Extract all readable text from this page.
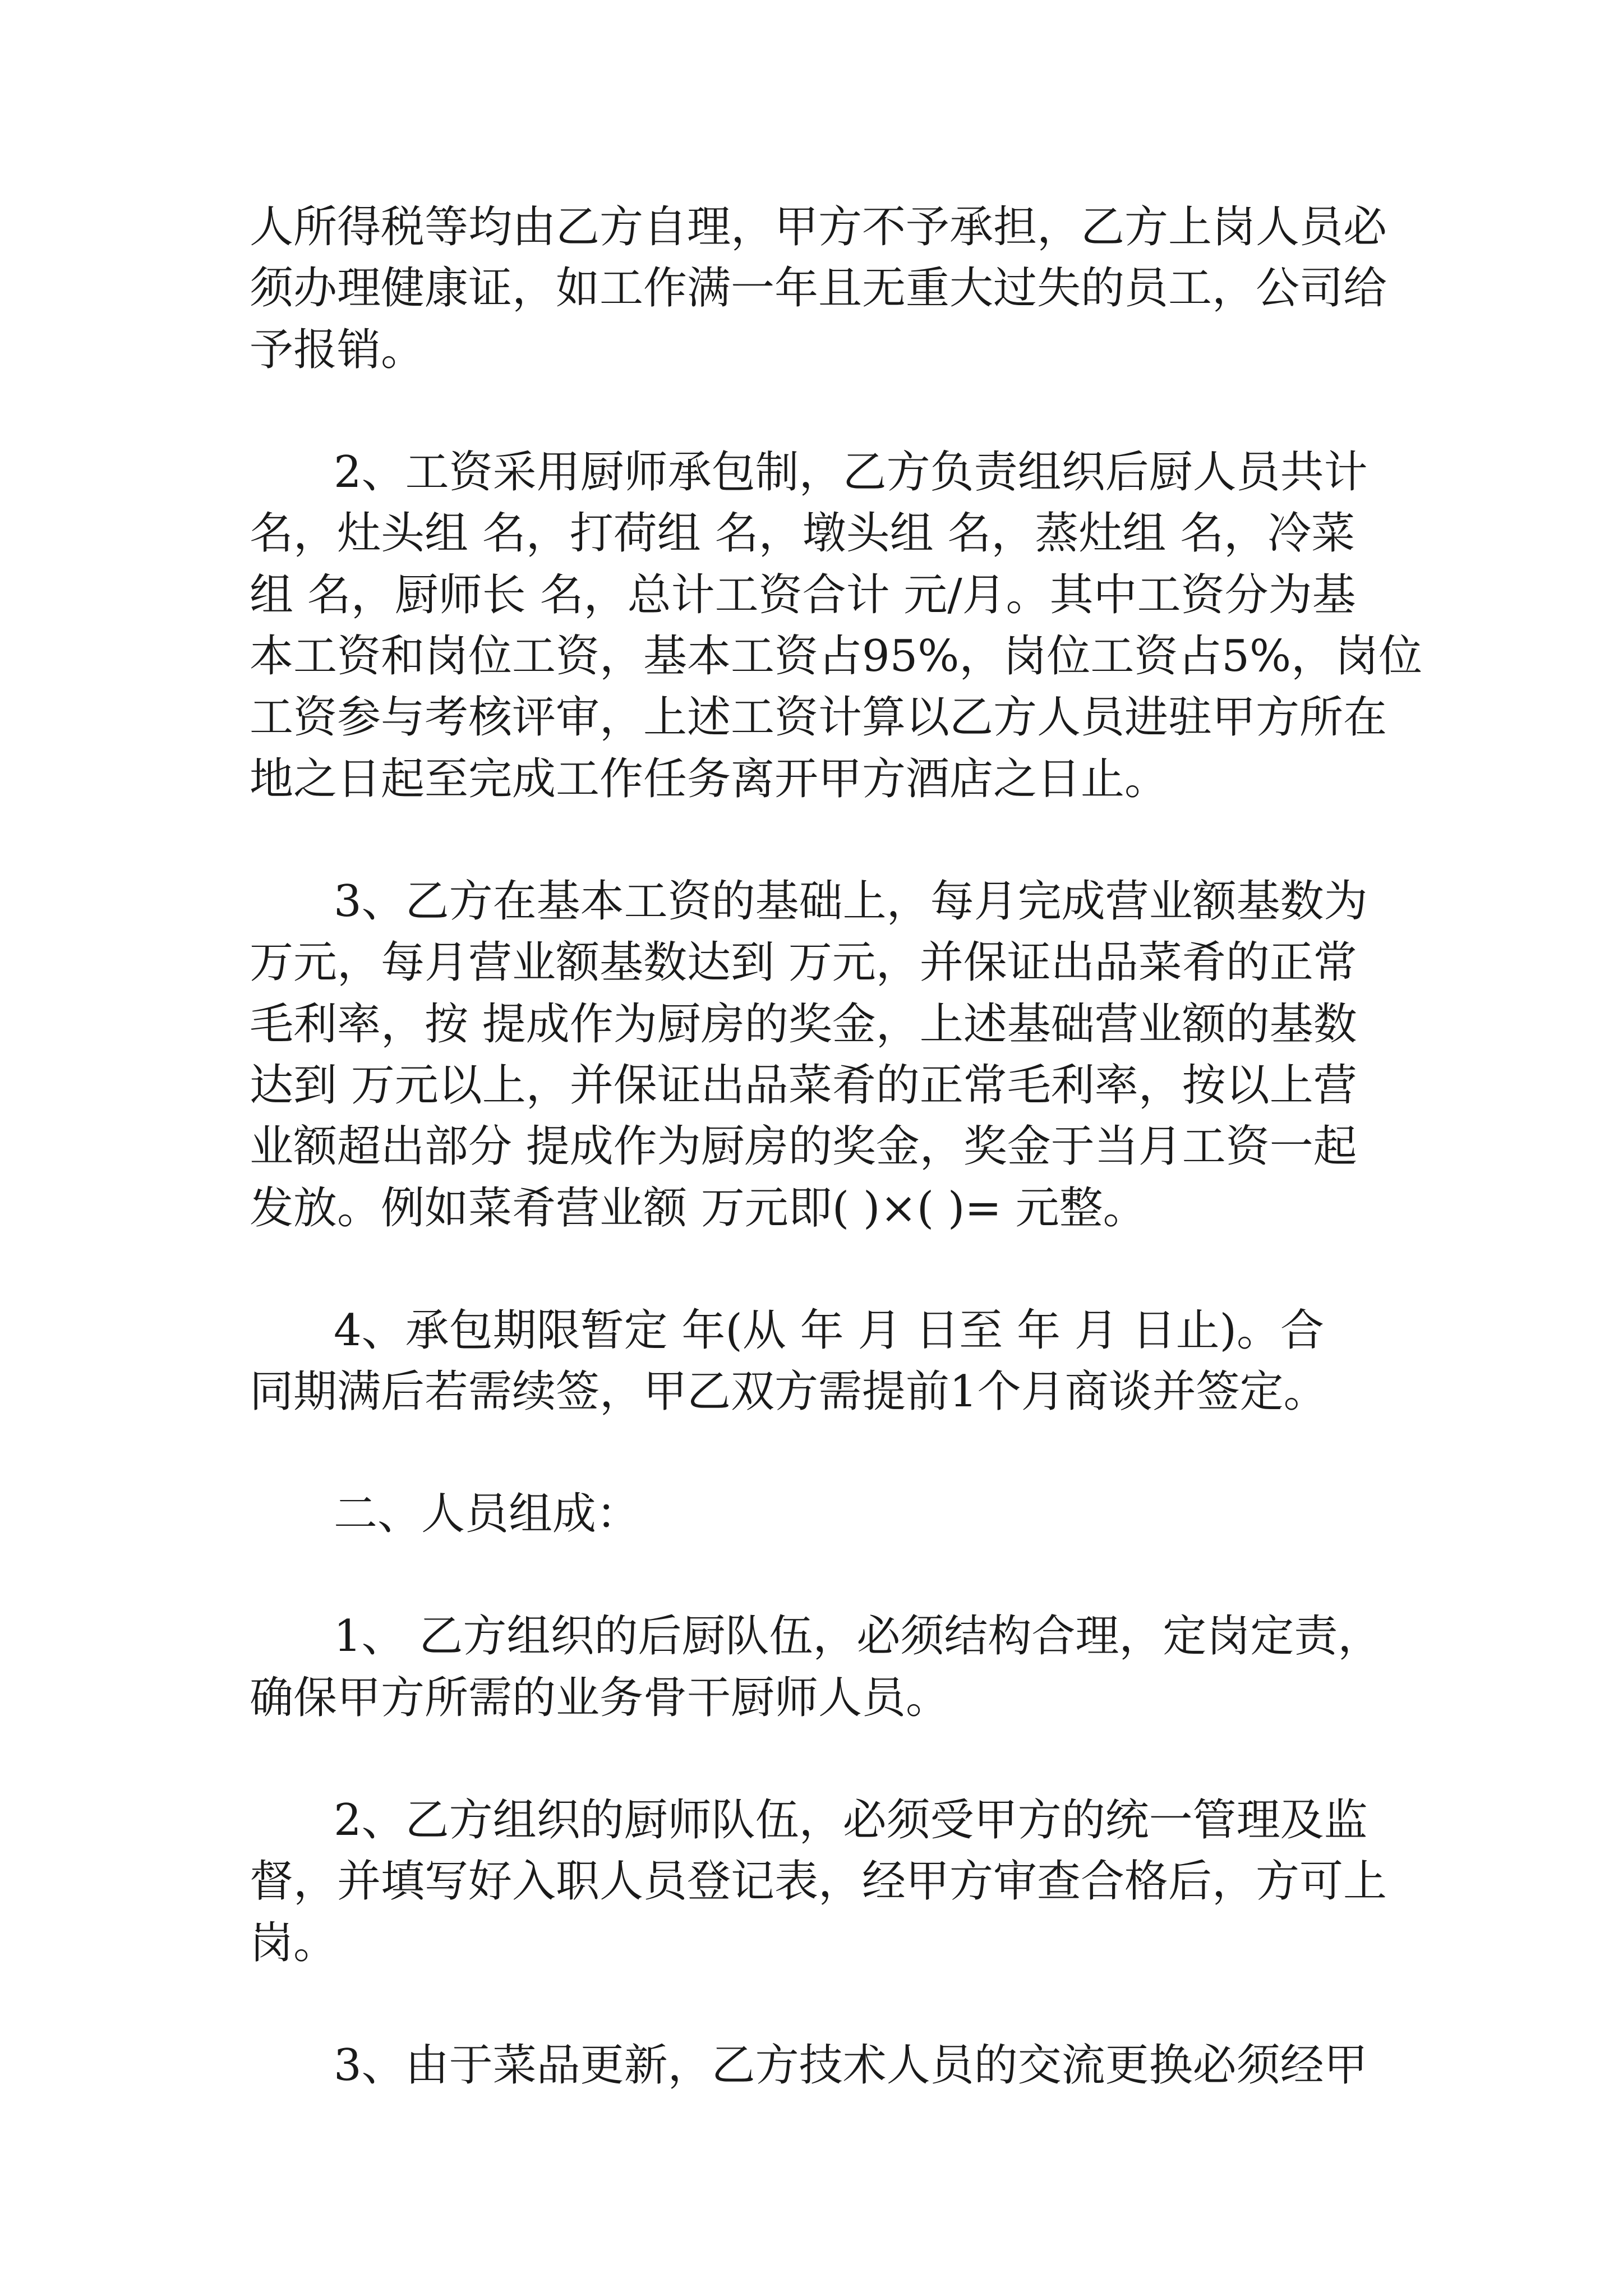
人所得税等均由乙方自理，甲方不予承担，乙方上岗人员必
须办理健康证，如工作满一年且无重大过失的员工，公司给
予报销。
2、工资采用厨师承包制，乙方负责组织后厨人员共计
名，灶头组 名，打荷组 名，墩头组 名，蒸灶组 名，冷菜
组 名，厨师长 名，总计工资合计 元/月。其中工资分为基
本工资和岗位工资，基本工资占95%，岗位工资占5%，岗位
工资参与考核评审，上述工资计算以乙方人员进驻甲方所在
地之日起至完成工作任务离开甲方酒店之日止。
3、乙方在基本工资的基础上，每月完成营业额基数为
万元，每月营业额基数达到 万元，并保证出品菜肴的正常
毛利率，按 提成作为厨房的奖金，上述基础营业额的基数
达到 万元以上，并保证出品菜肴的正常毛利率，按以上营
业额超出部分 提成作为厨房的奖金，奖金于当月工资一起
发放。例如菜肴营业额 万元即( )×( )= 元整。
4、承包期限暂定 年(从 年 月 日至 年 月 日止)。合
同期满后若需续签，甲乙双方需提前1个月商谈并签定。
二、人员组成：
1、 乙方组织的后厨队伍，必须结构合理，定岗定责，
确保甲方所需的业务骨干厨师人员。
2、乙方组织的厨师队伍，必须受甲方的统一管理及监
督，并填写好入职人员登记表，经甲方审查合格后，方可上
岗。
3、由于菜品更新，乙方技术人员的交流更换必须经甲
